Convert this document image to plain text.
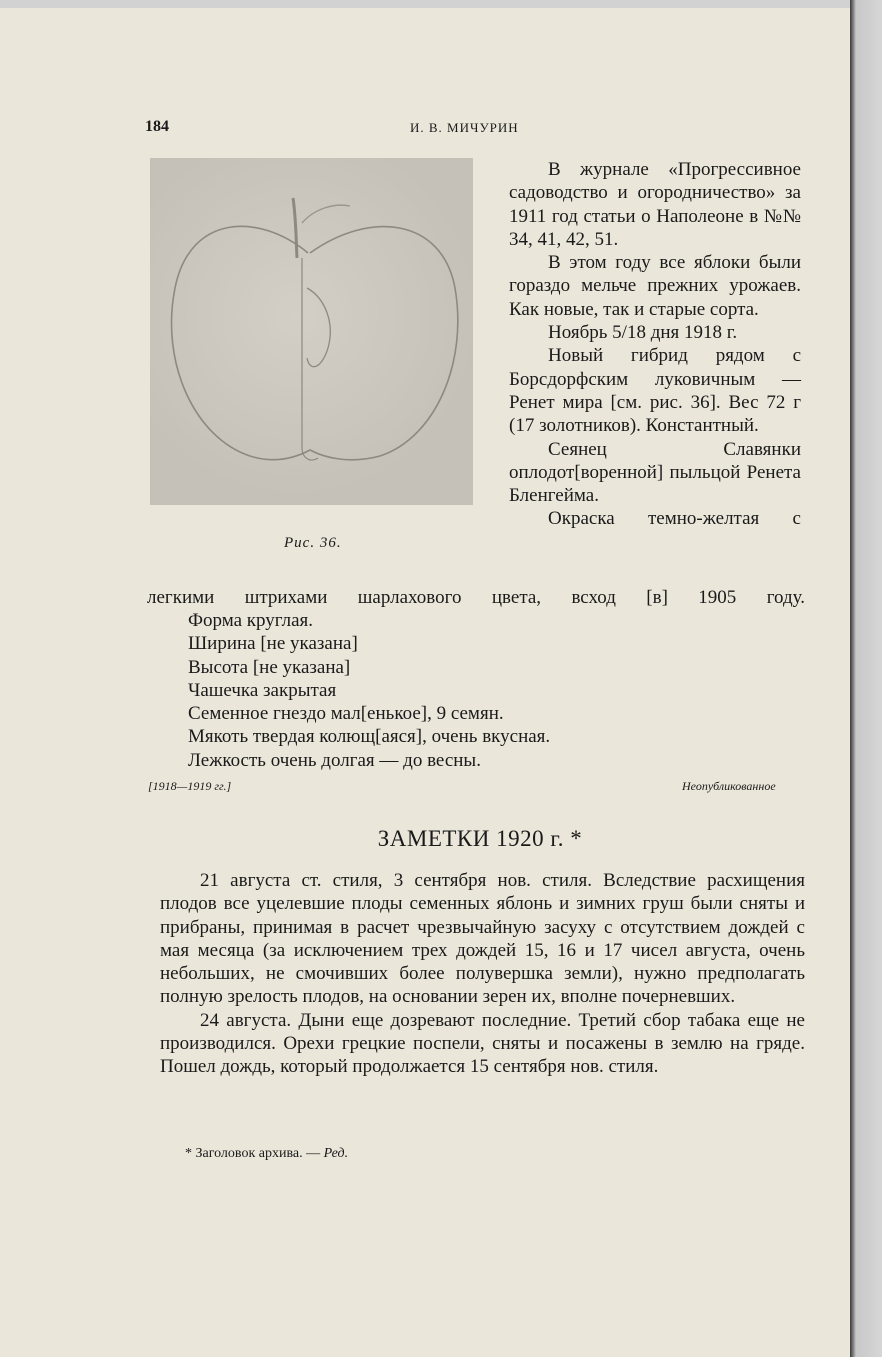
184	И. В. МИЧУРИН
Рис. 36.

В журнале «Прогрессивное садоводство и огородничество» за 1911 год статьи о Наполеоне в №№ 34, 41, 42, 51.

В этом году все яблоки были гораздо мельче прежних урожаев. Как новые, так и старые сорта.

Ноябрь 5/18 дня 1918 г.

Новый гибрид рядом с Борсдорфским луковичным — Ренет мира [см. рис. 36]. Вес 72 г (17 золотников). Константный.

Сеянец Славянки оплодот[воренной] пыльцой Ренета Бленгейма.

Окраска темно-желтая с

легкими штрихами шарлахового цвета, всход [в] 1905 году.
Форма круглая.
Ширина [не указана]
Высота [не указана]
Чашечка закрытая
Семенное гнездо мал[енькое], 9 семян.
Мякоть твердая колющ[аяся], очень вкусная.
Лежкость очень долгая — до весны.
[1918—1919 гг.]	Неопубликованное
ЗАМЕТКИ 1920 г. *

21 августа ст. стиля, 3 сентября нов. стиля. Вследствие расхищения плодов все уцелевшие плоды семенных яблонь и зимних груш были сняты и прибраны, принимая в расчет чрезвычайную засуху с отсутствием дождей с мая месяца (за исключением трех дождей 15, 16 и 17 чисел августа, очень небольших, не смочивших более полувершка земли), нужно предполагать полную зрелость плодов, на основании зерен их, вполне почерневших.

24 августа. Дыни еще дозревают последние. Третий сбор табака еще не производился. Орехи грецкие поспели, сняты и посажены в землю на гряде. Пошел дождь, который продолжается 15 сентября нов. стиля.

* Заголовок архива. — Ред.
